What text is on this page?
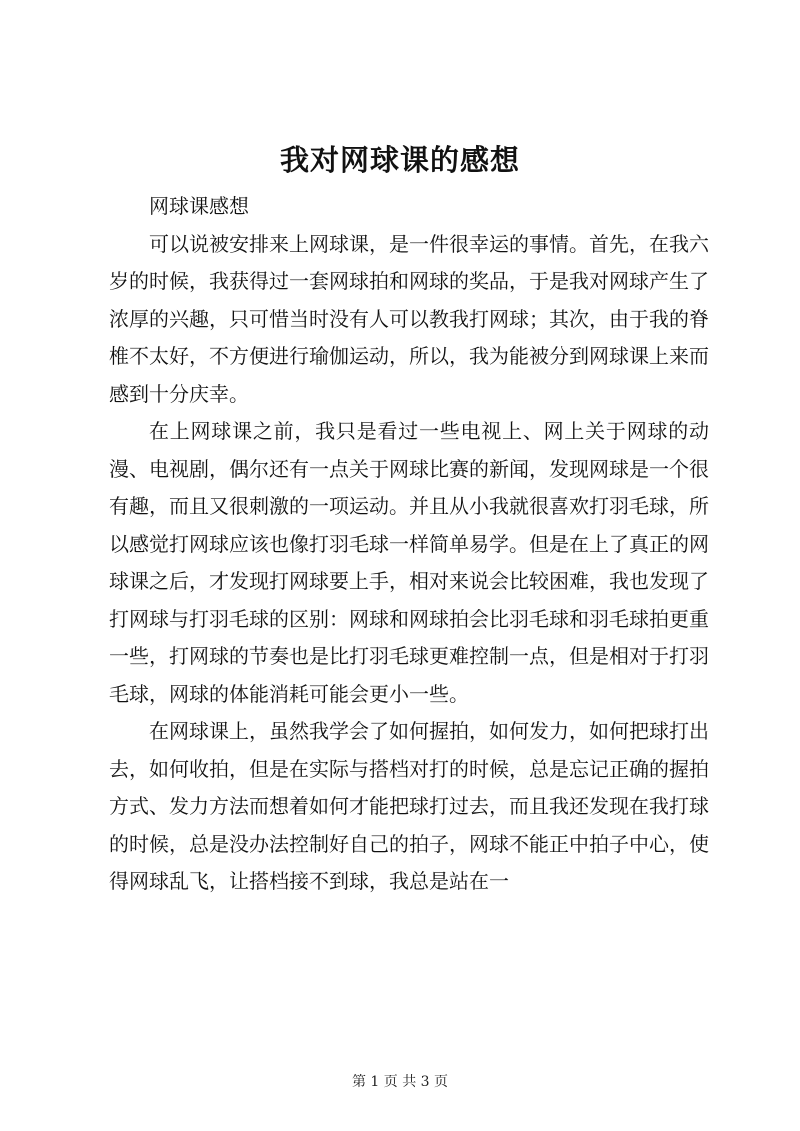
我对网球课的感想

网球课感想

可以说被安排来上网球课，是一件很幸运的事情。首先，在我六岁的时候，我获得过一套网球拍和网球的奖品，于是我对网球产生了浓厚的兴趣，只可惜当时没有人可以教我打网球；其次，由于我的脊椎不太好，不方便进行瑜伽运动，所以，我为能被分到网球课上来而感到十分庆幸。

在上网球课之前，我只是看过一些电视上、网上关于网球的动漫、电视剧，偶尔还有一点关于网球比赛的新闻，发现网球是一个很有趣，而且又很刺激的一项运动。并且从小我就很喜欢打羽毛球，所以感觉打网球应该也像打羽毛球一样简单易学。但是在上了真正的网球课之后，才发现打网球要上手，相对来说会比较困难，我也发现了打网球与打羽毛球的区别：网球和网球拍会比羽毛球和羽毛球拍更重一些，打网球的节奏也是比打羽毛球更难控制一点，但是相对于打羽毛球，网球的体能消耗可能会更小一些。

在网球课上，虽然我学会了如何握拍，如何发力，如何把球打出去，如何收拍，但是在实际与搭档对打的时候，总是忘记正确的握拍方式、发力方法而想着如何才能把球打过去，而且我还发现在我打球的时候，总是没办法控制好自己的拍子，网球不能正中拍子中心，使得网球乱飞，让搭档接不到球，我总是站在一

第 1 页 共 3 页
